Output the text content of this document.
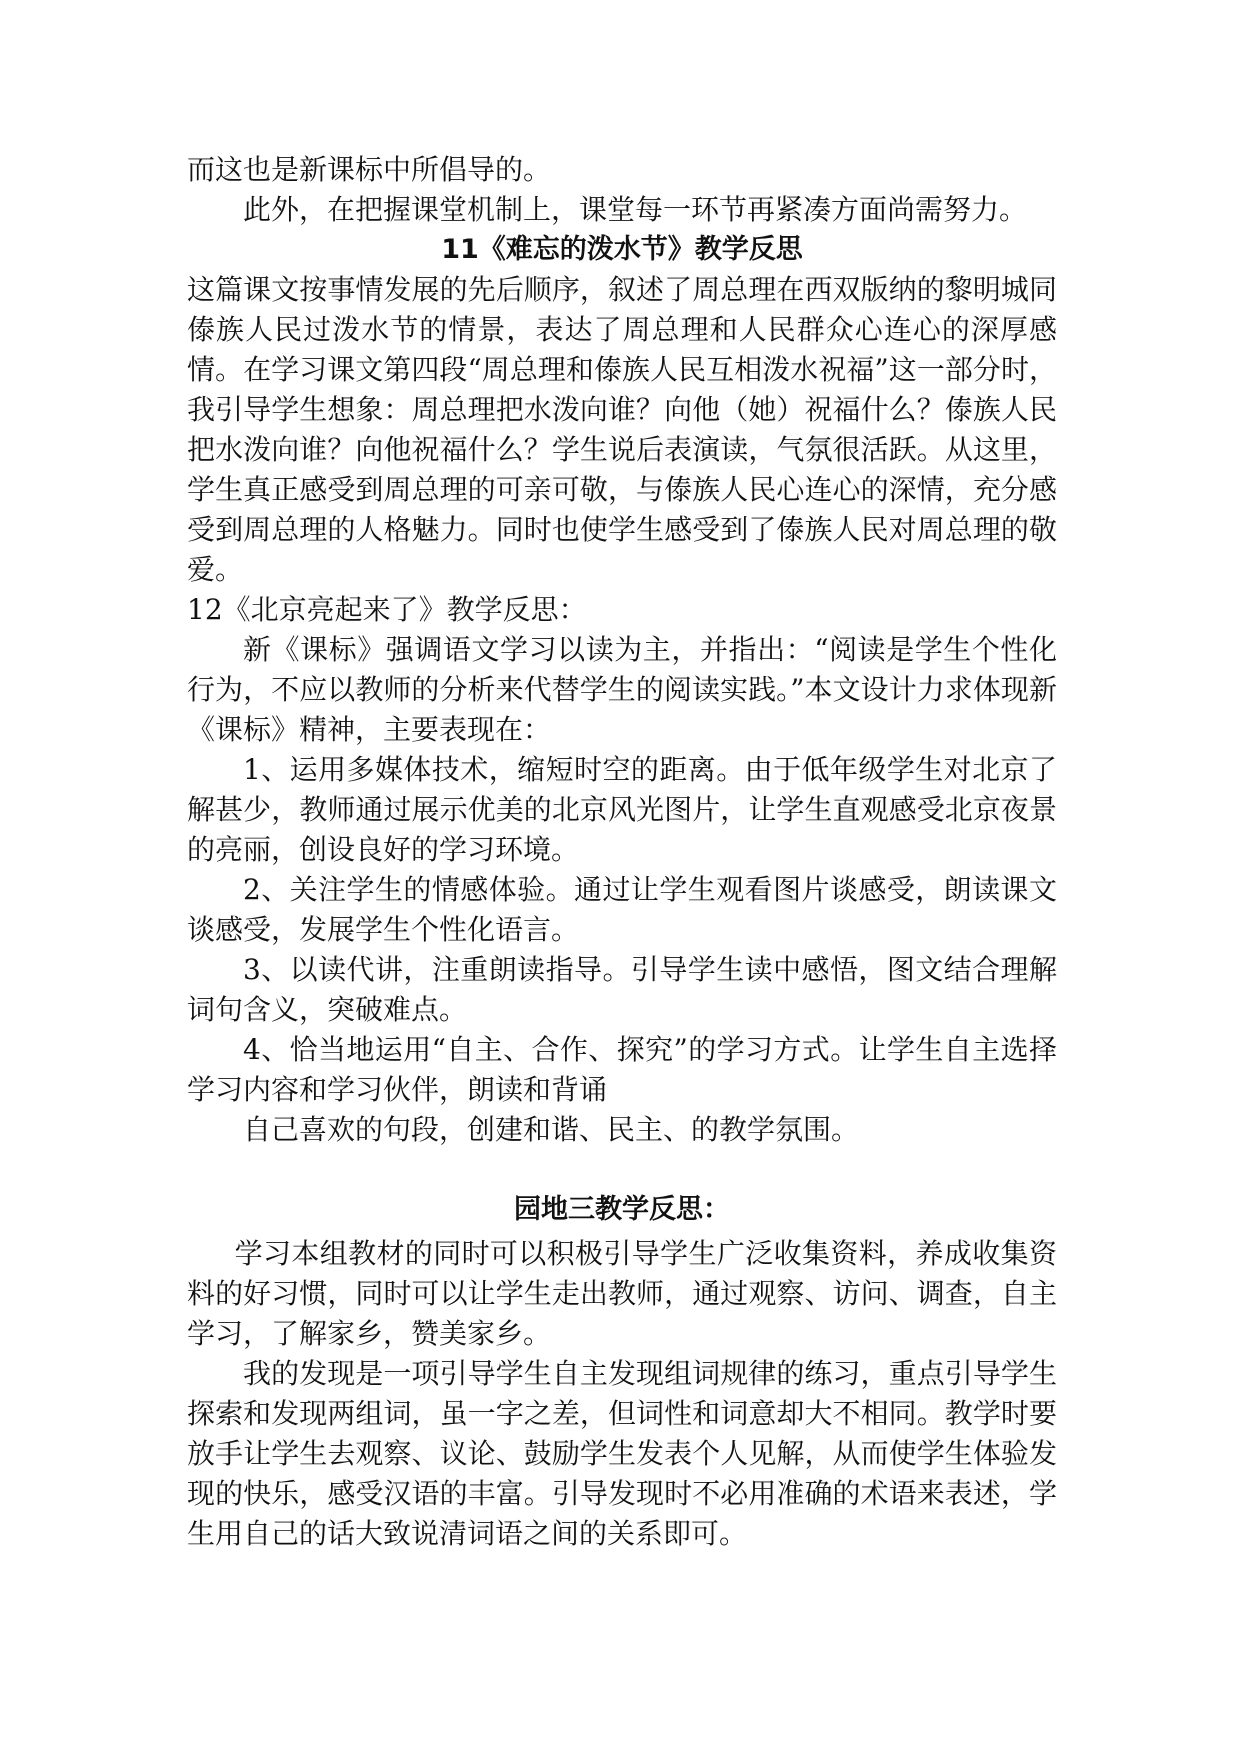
而这也是新课标中所倡导的。

此外，在把握课堂机制上，课堂每一环节再紧凑方面尚需努力。

11《难忘的泼水节》教学反思

这篇课文按事情发展的先后顺序，叙述了周总理在西双版纳的黎明城同傣族人民过泼水节的情景，表达了周总理和人民群众心连心的深厚感情。在学习课文第四段“周总理和傣族人民互相泼水祝福”这一部分时，我引导学生想象：周总理把水泼向谁？向他（她）祝福什么？傣族人民把水泼向谁？向他祝福什么？学生说后表演读，气氛很活跃。从这里，学生真正感受到周总理的可亲可敬，与傣族人民心连心的深情，充分感受到周总理的人格魅力。同时也使学生感受到了傣族人民对周总理的敬爱。

12《北京亮起来了》教学反思：

新《课标》强调语文学习以读为主，并指出：“阅读是学生个性化行为，不应以教师的分析来代替学生的阅读实践。”本文设计力求体现新《课标》精神，主要表现在：

1、运用多媒体技术，缩短时空的距离。由于低年级学生对北京了解甚少，教师通过展示优美的北京风光图片，让学生直观感受北京夜景的亮丽，创设良好的学习环境。

2、关注学生的情感体验。通过让学生观看图片谈感受，朗读课文谈感受，发展学生个性化语言。

3、以读代讲，注重朗读指导。引导学生读中感悟，图文结合理解词句含义，突破难点。

4、恰当地运用“自主、合作、探究”的学习方式。让学生自主选择学习内容和学习伙伴，朗读和背诵

自己喜欢的句段，创建和谐、民主、的教学氛围。

园地三教学反思：

学习本组教材的同时可以积极引导学生广泛收集资料，养成收集资料的好习惯，同时可以让学生走出教师，通过观察、访问、调查，自主学习，了解家乡，赞美家乡。

我的发现是一项引导学生自主发现组词规律的练习，重点引导学生探索和发现两组词，虽一字之差，但词性和词意却大不相同。教学时要放手让学生去观察、议论、鼓励学生发表个人见解，从而使学生体验发现的快乐，感受汉语的丰富。引导发现时不必用准确的术语来表述，学生用自己的话大致说清词语之间的关系即可。
